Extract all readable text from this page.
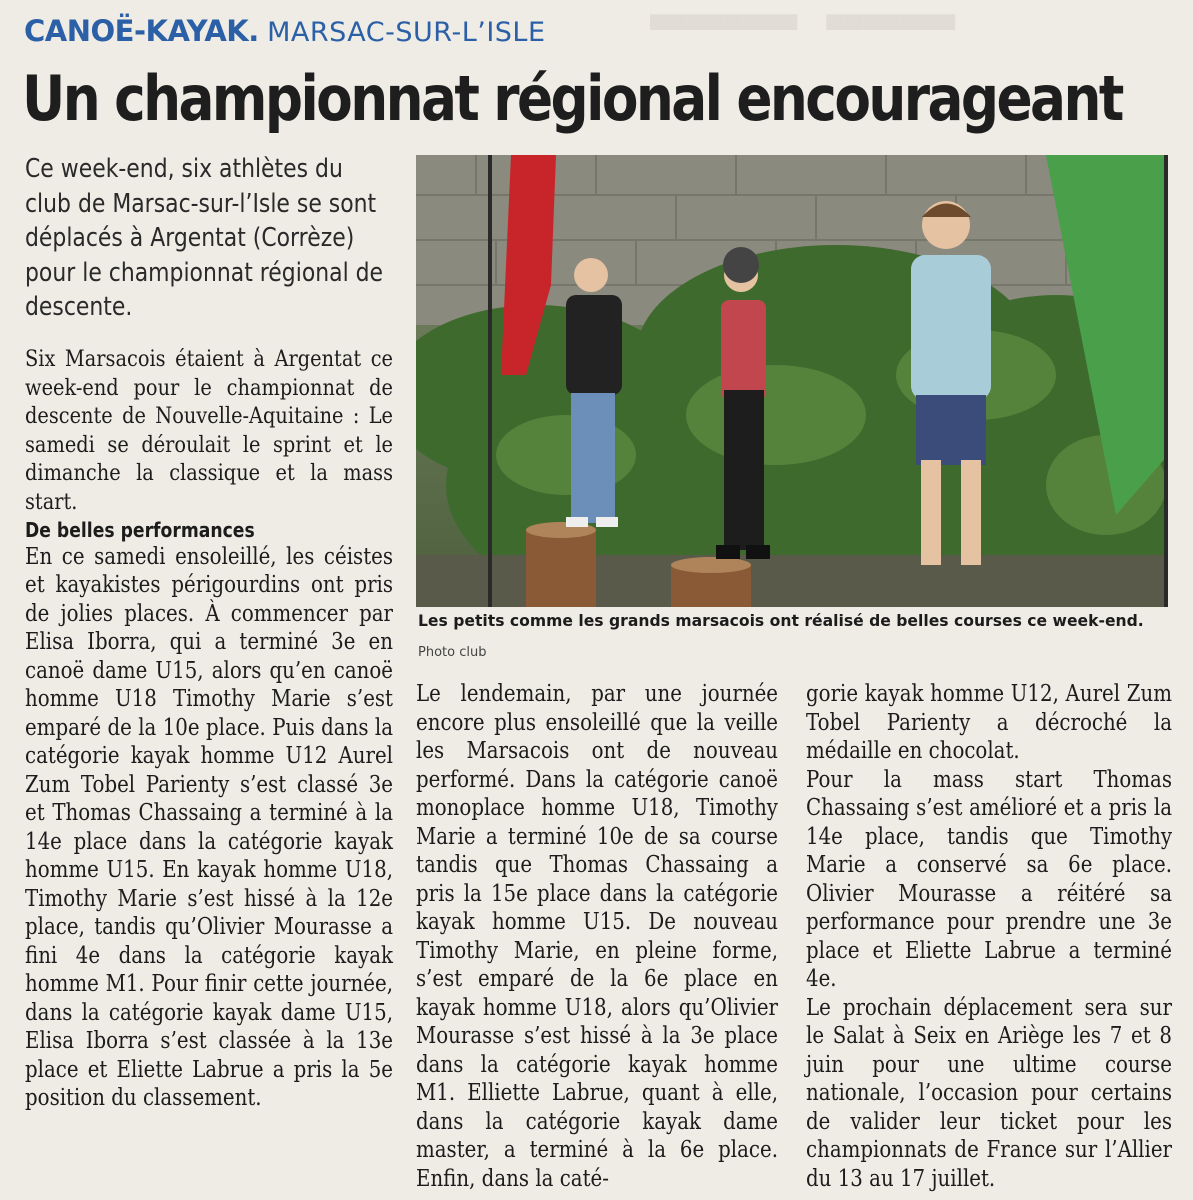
▀▀▀▀▀▀▀▀    ▀▀▀▀▀▀▀
CANOË-KAYAK. MARSAC-SUR-L’ISLE
Un championnat régional encourageant
Ce week-end, six athlètes du club de Marsac-sur-l’Isle se sont déplacés à Argentat (Corrèze) pour le championnat régional de descente.

Six Marsacois étaient à Argentat ce week-end pour le championnat de descente de Nouvelle-Aquitaine : Le samedi se déroulait le sprint et le dimanche la classique et la mass start.

De belles performances

En ce samedi ensoleillé, les céistes et kayakistes périgourdins ont pris de jolies places. À commencer par Elisa Iborra, qui a terminé 3e en canoë dame U15, alors qu’en canoë homme U18 Timothy Marie s’est emparé de la 10e place. Puis dans la catégorie kayak homme U12 Aurel Zum Tobel Parienty s’est classé 3e et Thomas Chassaing a terminé à la 14e place dans la catégorie kayak homme U15. En kayak homme U18, Timothy Marie s’est hissé à la 12e place, tandis qu’Olivier Mourasse a fini 4e dans la catégorie kayak homme M1. Pour finir cette journée, dans la catégorie kayak dame U15, Elisa Iborra s’est classée à la 13e place et Eliette Labrue a pris la 5e position du classement.

Les petits comme les grands marsacois ont réalisé de belles courses ce week-end.
Photo club

Le lendemain, par une journée encore plus ensoleillé que la veille les Marsacois ont de nouveau performé. Dans la catégorie canoë monoplace homme U18, Timothy Marie a terminé 10e de sa course tandis que Thomas Chassaing a pris la 15e place dans la catégorie kayak homme U15. De nouveau Timothy Marie, en pleine forme, s’est emparé de la 6e place en kayak homme U18, alors qu’Olivier Mourasse s’est hissé à la 3e place dans la catégorie kayak homme M1. Elliette Labrue, quant à elle, dans la catégorie kayak dame master, a terminé à la 6e place. Enfin, dans la caté-

gorie kayak homme U12, Aurel Zum Tobel Parienty a décroché la médaille en chocolat.

Pour la mass start Thomas Chassaing s’est amélioré et a pris la 14e place, tandis que Timothy Marie a conservé sa 6e place. Olivier Mourasse a réitéré sa performance pour prendre une 3e place et Eliette Labrue a terminé 4e.

Le prochain déplacement sera sur le Salat à Seix en Ariège les 7 et 8 juin pour une ultime course nationale, l’occasion pour certains de valider leur ticket pour les championnats de France sur l’Allier du 13 au 17 juillet.
